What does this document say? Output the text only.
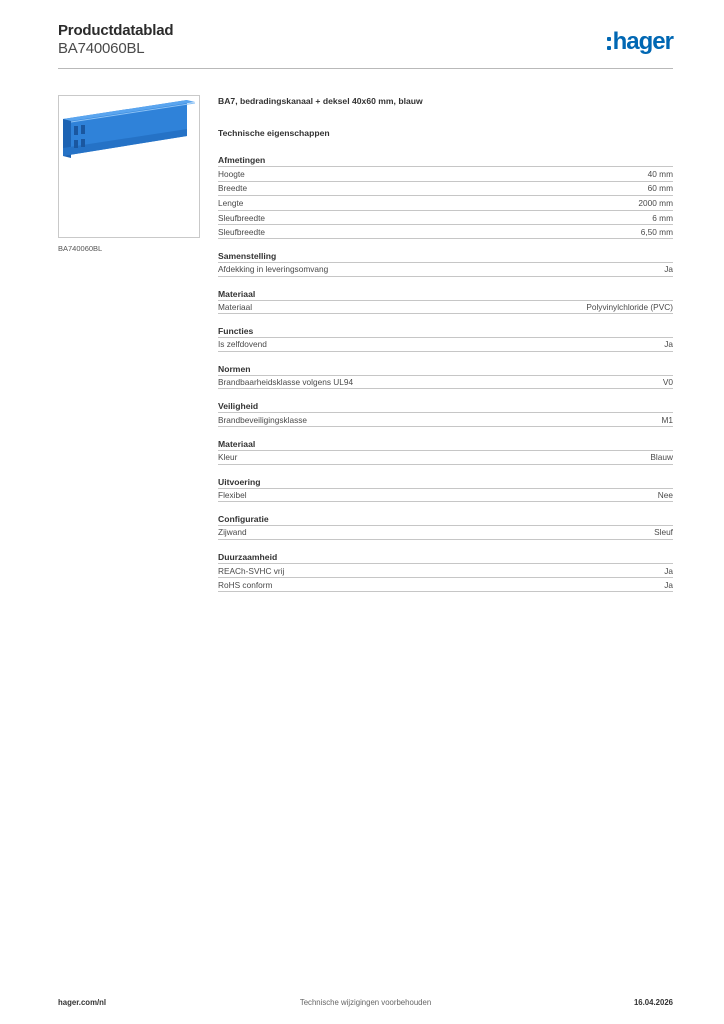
Productdatablad
BA740060BL	hager
BA740060BL
BA7, bedradingskanaal + deksel 40x60 mm, blauw
Technische eigenschappen
Afmetingen
Hoogte	40 mm
Breedte	60 mm
Lengte	2000 mm
Sleufbreedte	6 mm
Sleufbreedte	6,50 mm
Samenstelling
Afdekking in leveringsomvang	Ja
Materiaal
Materiaal	Polyvinylchloride (PVC)
Functies
Is zelfdovend	Ja
Normen
Brandbaarheidsklasse volgens UL94	V0
Veiligheid
Brandbeveiligingsklasse	M1
Materiaal
Kleur	Blauw
Uitvoering
Flexibel	Nee
Configuratie
Zijwand	Sleuf
Duurzaamheid
REACh-SVHC vrij	Ja
RoHS conform	Ja
hager.com/nl	Technische wijzigingen voorbehouden	16.04.2026
